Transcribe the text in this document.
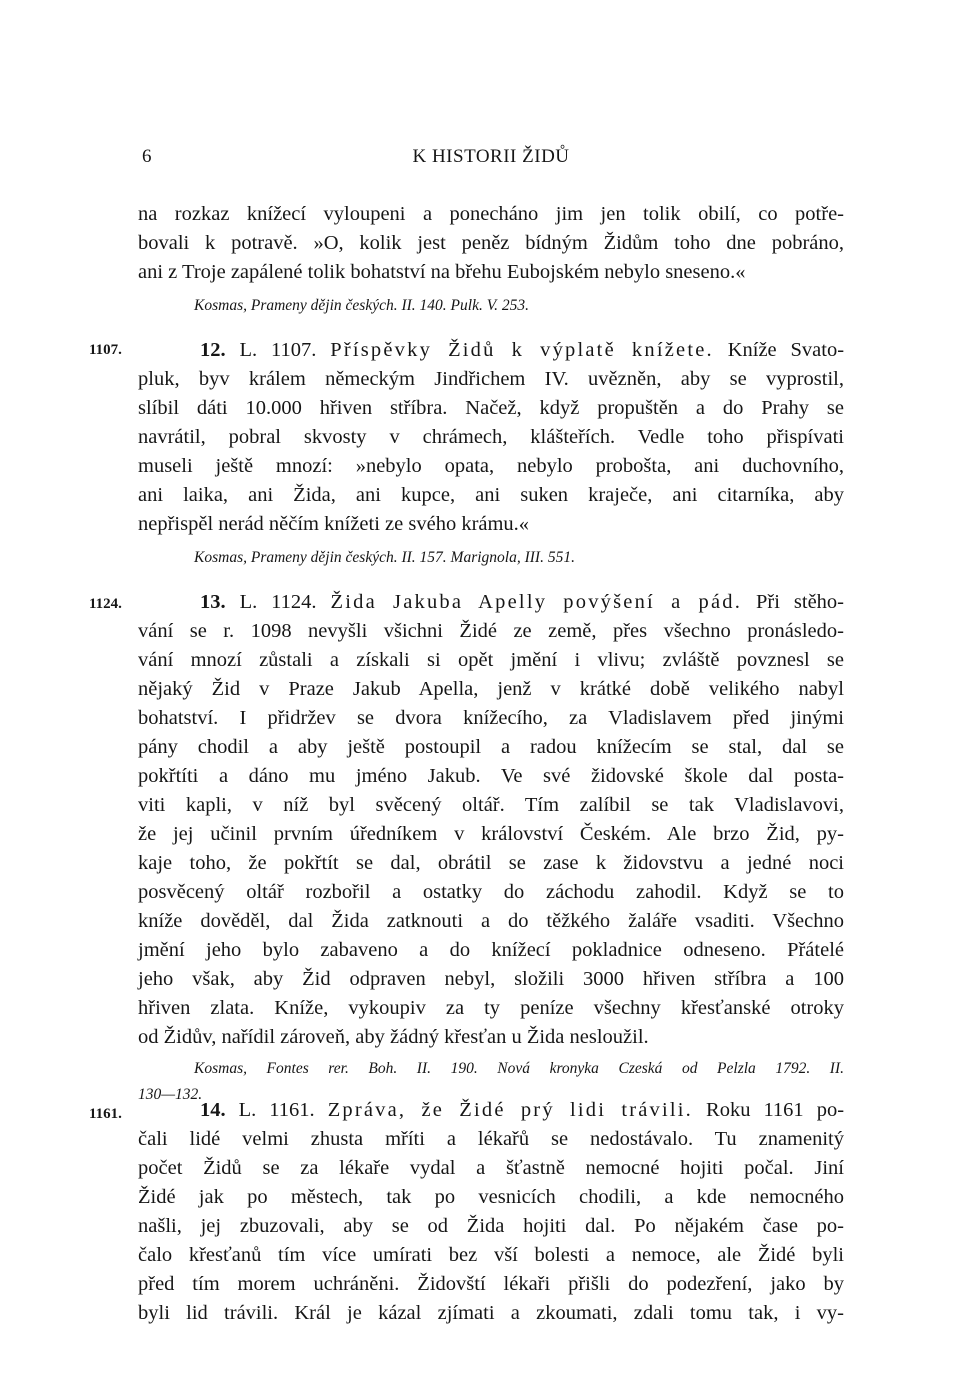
6	K HISTORII ŽIDŮ
na rozkaz knížecí vyloupeni a ponecháno jim jen tolik obilí, co potře-
bovali k potravě. »O, kolik jest peněz bídným Židům toho dne pobráno,
ani z Troje zapálené tolik bohatství na břehu Eubojském nebylo sneseno.«
Kosmas, Prameny dějin českých. II. 140. Pulk. V. 253.
1107.	12. L. 1107. Příspěvky Židů k výplatě knížete. Kníže Svato-
pluk, byv králem německým Jindřichem IV. uvězněn, aby se vyprostil,
slíbil dáti 10.000 hřiven stříbra. Načež, když propuštěn a do Prahy se
navrátil, pobral skvosty v chrámech, klášteřích. Vedle toho přispívati
museli ještě mnozí: »nebylo opata, nebylo probošta, ani duchovního,
ani laika, ani Žida, ani kupce, ani suken kraječe, ani citarníka, aby
nepřispěl nerád něčím knížeti ze svého krámu.«
Kosmas, Prameny dějin českých. II. 157. Marignola, III. 551.
1124.	13. L. 1124. Žida Jakuba Apelly povýšení a pád. Při stěho-
vání se r. 1098 nevyšli všichni Židé ze země, přes všechno pronásledo-
vání mnozí zůstali a získali si opět jmění i vlivu; zvláště povznesl se
nějaký Žid v Praze Jakub Apella, jenž v krátké době velikého nabyl
bohatství. I přidržev se dvora knížecího, za Vladislavem před jinými
pány chodil a aby ještě postoupil a radou knížecím se stal, dal se
pokřtíti a dáno mu jméno Jakub. Ve své židovské škole dal posta-
viti kapli, v níž byl svěcený oltář. Tím zalíbil se tak Vladislavovi,
že jej učinil prvním úředníkem v království Českém. Ale brzo Žid, py-
kaje toho, že pokřtít se dal, obrátil se zase k židovstvu a jedné noci
posvěcený oltář rozbořil a ostatky do záchodu zahodil. Když se to
kníže dověděl, dal Žida zatknouti a do těžkého žaláře vsaditi. Všechno
jmění jeho bylo zabaveno a do knížecí pokladnice odneseno. Přátelé
jeho však, aby Žid odpraven nebyl, složili 3000 hřiven stříbra a 100
hřiven zlata. Kníže, vykoupiv za ty peníze všechny křesťanské otroky
od Židův, nařídil zároveň, aby žádný křesťan u Žida nesloužil.
Kosmas, Fontes rer. Boh. II. 190. Nová kronyka Czeská od Pelzla 1792. II.
130—132.
1161.	14. L. 1161. Zpráva, že Židé prý lidi trávili. Roku 1161 po-
čali lidé velmi zhusta mříti a lékařů se nedostávalo. Tu znamenitý
počet Židů se za lékaře vydal a šťastně nemocné hojiti počal. Jiní
Židé jak po městech, tak po vesnicích chodili, a kde nemocného
našli, jej zbuzovali, aby se od Žida hojiti dal. Po nějakém čase po-
čalo křesťanů tím více umírati bez vší bolesti a nemoce, ale Židé byli
před tím morem uchráněni. Židovští lékaři přišli do podezření, jako by
byli lid trávili. Král je kázal zjímati a zkoumati, zdali tomu tak, i vy-
